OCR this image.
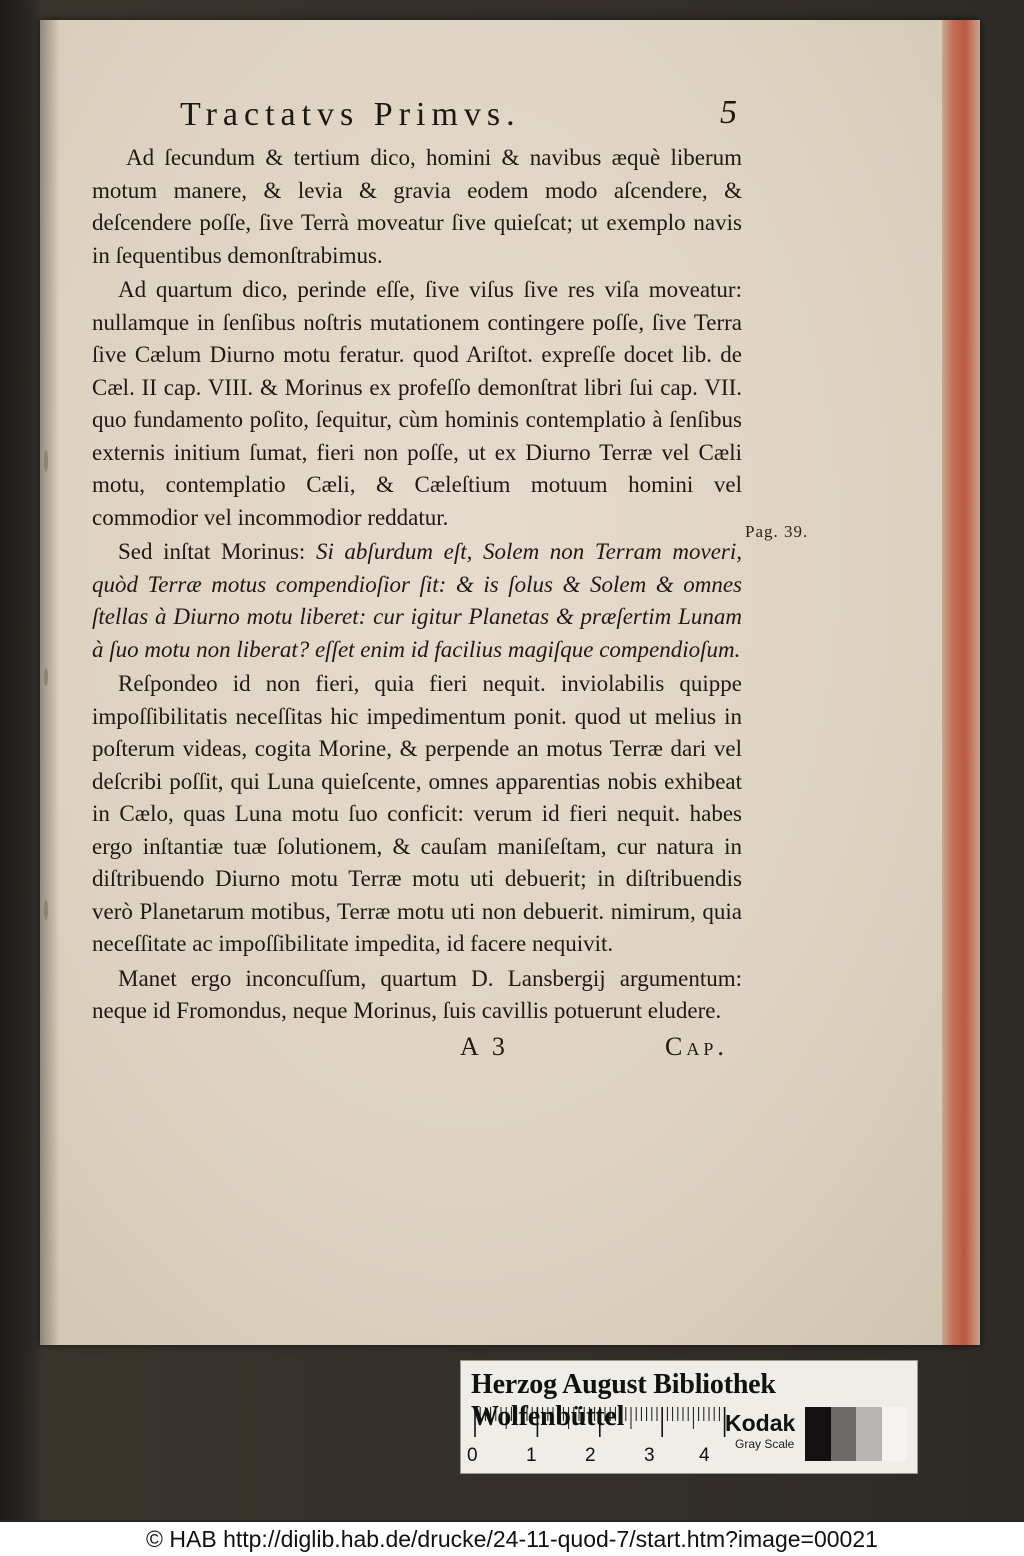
Tractatvs Primvs.	5

Ad ſecundum & tertium dico, homini & navibus æquè liberum motum manere, & levia & gravia eodem modo aſcendere, & deſcendere poſſe, ſive Terrà moveatur ſive quieſcat; ut exemplo navis in ſequentibus demonſtrabimus.

Ad quartum dico, perinde eſſe, ſive viſus ſive res viſa moveatur: nullamque in ſenſibus noſtris mutationem contingere poſſe, ſive Terra ſive Cælum Diurno motu feratur. quod Ariſtot. expreſſe docet lib. de Cæl. II cap. VIII. & Morinus ex profeſſo demonſtrat libri ſui cap. VII. quo fundamento poſito, ſequitur, cùm hominis contemplatio à ſenſibus externis initium ſumat, fieri non poſſe, ut ex Diurno Terræ vel Cæli motu, contemplatio Cæli, & Cæleſtium motuum homini vel commodior vel incommodior reddatur.

Sed inſtat Morinus: Si abſurdum eſt, Solem non Terram moveri, quòd Terræ motus compendioſior ſit: & is ſolus & Solem & omnes ſtellas à Diurno motu liberet: cur igitur Planetas & præſertim Lunam à ſuo motu non liberat? eſſet enim id facilius magiſque compendioſum.

Reſpondeo id non fieri, quia fieri nequit. inviolabilis quippe impoſſibilitatis neceſſitas hic impedimentum ponit. quod ut melius in poſterum videas, cogita Morine, & perpende an motus Terræ dari vel deſcribi poſſit, qui Luna quieſcente, omnes apparentias nobis exhibeat in Cælo, quas Luna motu ſuo conficit: verum id fieri nequit. habes ergo inſtantiæ tuæ ſolutionem, & cauſam maniſeſtam, cur natura in diſtribuendo Diurno motu Terræ motu uti debuerit; in diſtribuendis verò Planetarum motibus, Terræ motu uti non debuerit. nimirum, quia neceſſitate ac impoſſibilitate impedita, id facere nequivit.

Manet ergo inconcuſſum, quartum D. Lansbergij argumentum: neque id Fromondus, neque Morinus, ſuis cavillis potuerunt eludere.

Pag. 39.
A 3	Cap.
Herzog August Bibliothek Wolfenbüttel
0	1	2	3 4
Kodak
Gray Scale
© HAB http://diglib.hab.de/drucke/24-11-quod-7/start.htm?image=00021
